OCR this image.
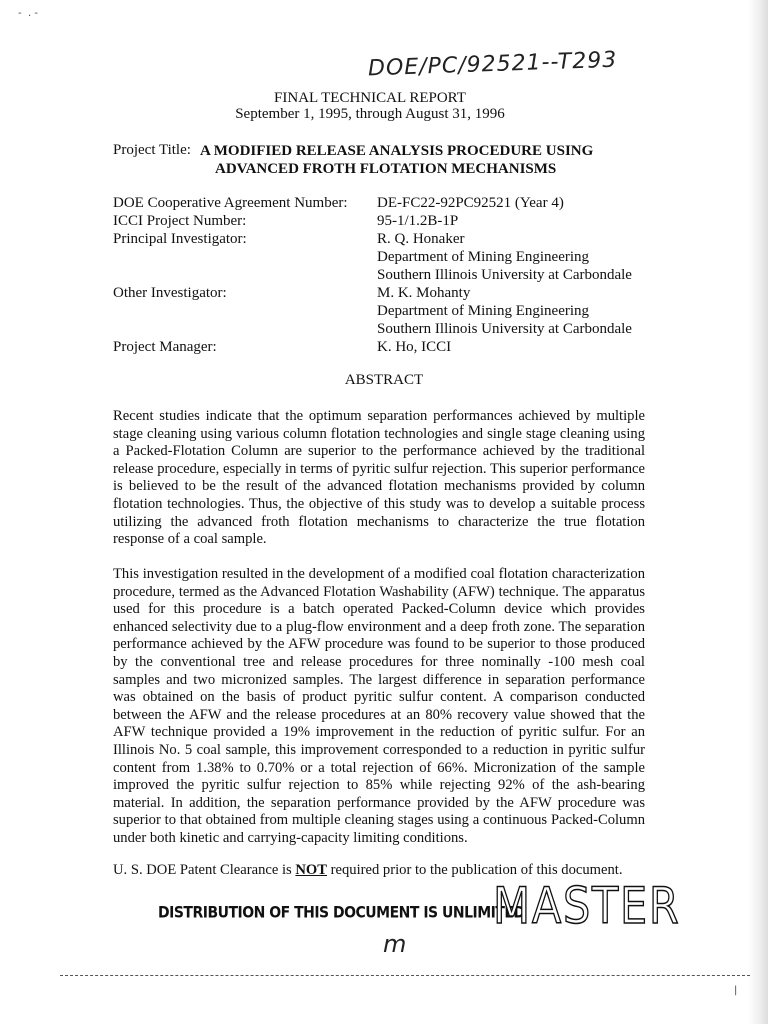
-  . -
DOE/PC/92521--T293
FINAL TECHNICAL REPORT
September 1, 1995, through August 31, 1996
Project Title: A MODIFIED RELEASE ANALYSIS PROCEDURE USING
ADVANCED FROTH FLOTATION MECHANISMS
DOE Cooperative Agreement Number: DE-FC22-92PC92521 (Year 4)
ICCI Project Number:	95-1/1.2B-1P
Principal Investigator:	R. Q. Honaker
Department of Mining Engineering
Southern Illinois University at Carbondale
Other Investigator:	M. K. Mohanty
Department of Mining Engineering
Southern Illinois University at Carbondale
Project Manager:	K. Ho, ICCI
ABSTRACT
Recent studies indicate that the optimum separation performances achieved by multiple stage cleaning using various column flotation technologies and single stage cleaning using a Packed-Flotation Column are superior to the performance achieved by the traditional release procedure, especially in terms of pyritic sulfur rejection. This superior performance is believed to be the result of the advanced flotation mechanisms provided by column flotation technologies. Thus, the objective of this study was to develop a suitable process utilizing the advanced froth flotation mechanisms to characterize the true flotation response of a coal sample.
This investigation resulted in the development of a modified coal flotation characterization procedure, termed as the Advanced Flotation Washability (AFW) technique. The apparatus used for this procedure is a batch operated Packed-Column device which provides enhanced selectivity due to a plug-flow environment and a deep froth zone. The separation performance achieved by the AFW procedure was found to be superior to those produced by the conventional tree and release procedures for three nominally -100 mesh coal samples and two micronized samples. The largest difference in separation performance was obtained on the basis of product pyritic sulfur content. A comparison conducted between the AFW and the release procedures at an 80% recovery value showed that the AFW technique provided a 19% improvement in the reduction of pyritic sulfur. For an Illinois No. 5 coal sample, this improvement corresponded to a reduction in pyritic sulfur content from 1.38% to 0.70% or a total rejection of 66%. Micronization of the sample improved the pyritic sulfur rejection to 85% while rejecting 92% of the ash-bearing material. In addition, the separation performance provided by the AFW procedure was superior to that obtained from multiple cleaning stages using a continuous Packed-Column under both kinetic and carrying-capacity limiting conditions.
U. S. DOE Patent Clearance is NOT required prior to the publication of this document.
DISTRIBUTION OF THIS DOCUMENT IS UNLIMITED
MASTER
m
|
